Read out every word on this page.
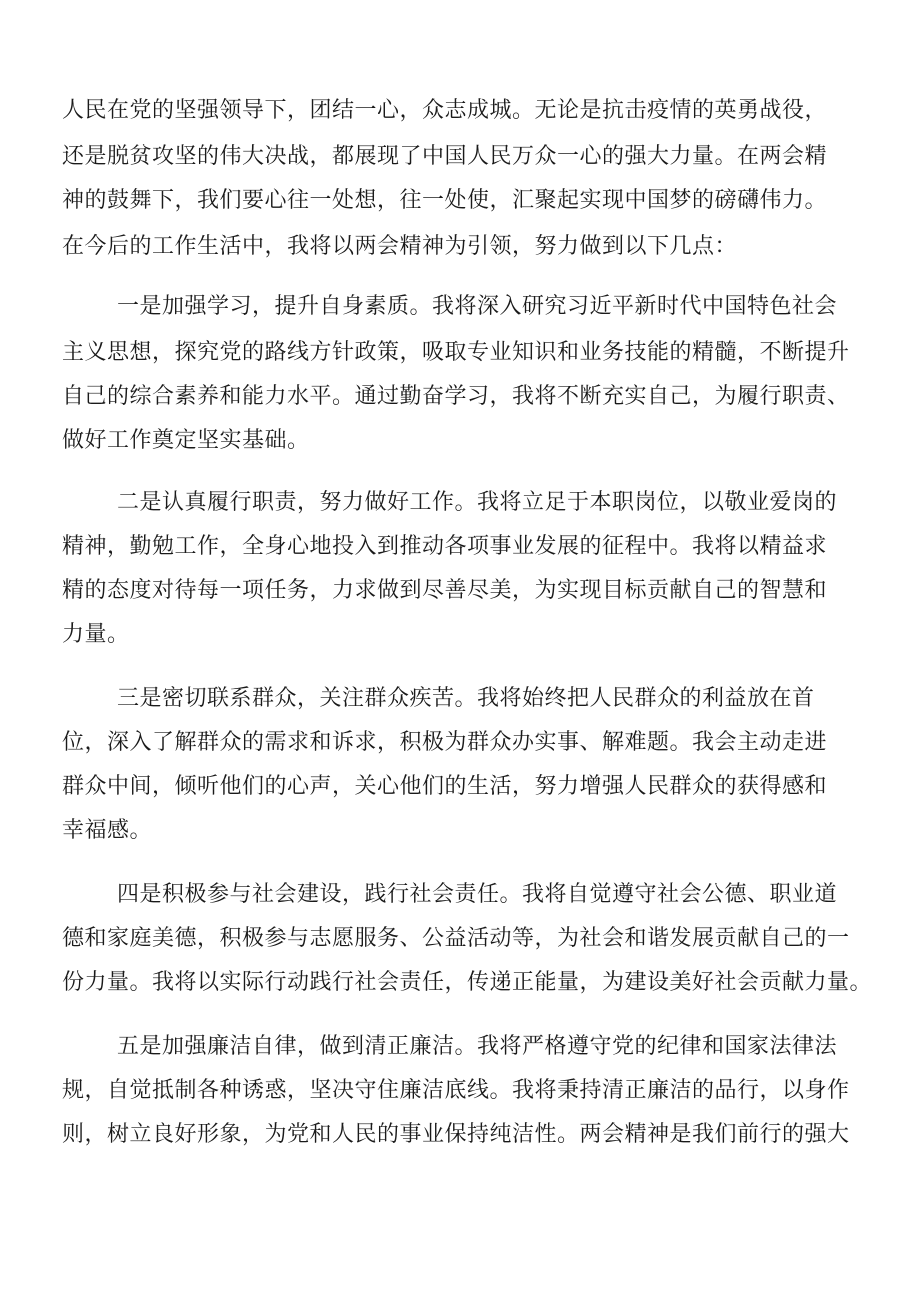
人民在党的坚强领导下，团结一心，众志成城。无论是抗击疫情的英勇战役，
还是脱贫攻坚的伟大决战，都展现了中国人民万众一心的强大力量。在两会精
神的鼓舞下，我们要心往一处想，往一处使，汇聚起实现中国梦的磅礴伟力。
在今后的工作生活中，我将以两会精神为引领，努力做到以下几点：
一是加强学习，提升自身素质。我将深入研究习近平新时代中国特色社会
主义思想，探究党的路线方针政策，吸取专业知识和业务技能的精髓，不断提升
自己的综合素养和能力水平。通过勤奋学习，我将不断充实自己，为履行职责、
做好工作奠定坚实基础。
二是认真履行职责，努力做好工作。我将立足于本职岗位，以敬业爱岗的
精神，勤勉工作，全身心地投入到推动各项事业发展的征程中。我将以精益求
精的态度对待每一项任务，力求做到尽善尽美，为实现目标贡献自己的智慧和
力量。
三是密切联系群众，关注群众疾苦。我将始终把人民群众的利益放在首
位，深入了解群众的需求和诉求，积极为群众办实事、解难题。我会主动走进
群众中间，倾听他们的心声，关心他们的生活，努力增强人民群众的获得感和
幸福感。
四是积极参与社会建设，践行社会责任。我将自觉遵守社会公德、职业道
德和家庭美德，积极参与志愿服务、公益活动等，为社会和谐发展贡献自己的一
份力量。我将以实际行动践行社会责任，传递正能量，为建设美好社会贡献力量。
五是加强廉洁自律，做到清正廉洁。我将严格遵守党的纪律和国家法律法
规，自觉抵制各种诱惑，坚决守住廉洁底线。我将秉持清正廉洁的品行，以身作
则，树立良好形象，为党和人民的事业保持纯洁性。两会精神是我们前行的强大
